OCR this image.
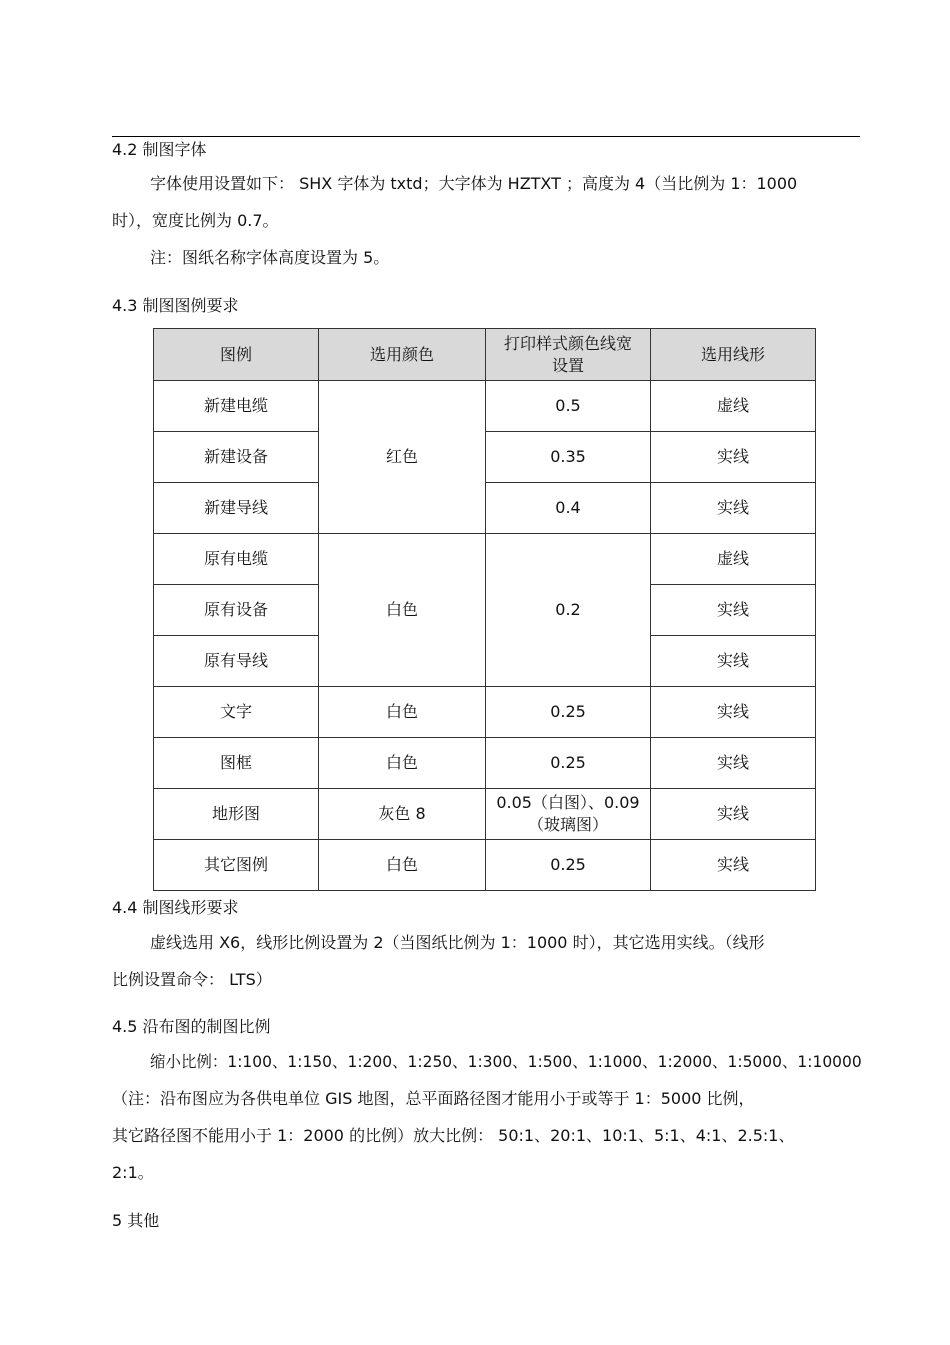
4.2 制图字体
字体使用设置如下： SHX 字体为 txtd；大字体为 HZTXT ；高度为 4（当比例为 1：1000
时），宽度比例为 0.7。
注：图纸名称字体高度设置为 5。
4.3 制图图例要求
图例	选用颜色	打印样式颜色线宽设置	选用线形
新建电缆	红色	0.5	虚线
新建设备		0.35	实线
新建导线		0.4	实线
原有电缆	白色	0.2	虚线
原有设备			实线
原有导线			实线
文字	白色	0.25	实线
图框	白色	0.25	实线
地形图	灰色 8	0.05（白图）、0.09（玻璃图）	实线
其它图例	白色	0.25	实线
4.4 制图线形要求
虚线选用 X6，线形比例设置为 2（当图纸比例为 1：1000 时），其它选用实线。（线形
比例设置命令： LTS）
4.5 沿布图的制图比例
缩小比例：1:100、1:150、1:200、1:250、1:300、1:500、1:1000、1:2000、1:5000、1:10000
（注：沿布图应为各供电单位 GIS 地图，总平面路径图才能用小于或等于 1：5000 比例，
其它路径图不能用小于 1：2000 的比例）放大比例： 50:1、20:1、10:1、5:1、4:1、2.5:1、
2:1。
5 其他
